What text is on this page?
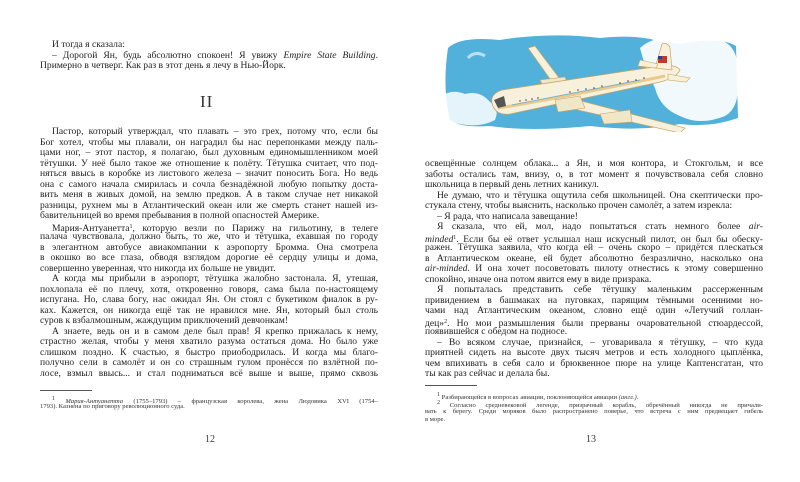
И тогда я сказала:
– Дорогой Ян, будь абсолютно спокоен! Я увижу Empire State Building.
Примерно в четверг. Как раз в этот день я лечу в Нью-Йорк.
II
Пастор, который утверждал, что плавать – это грех, потому что, если бы
Бог хотел, чтобы мы плавали, он наградил бы нас перепонками между паль-
цами ног, – этот пастор, я полагаю, был духовным единомышленником моей
тётушки. У неё было такое же отношение к полёту. Тётушка считает, что под-
няться ввысь в коробке из листового железа – значит поносить Бога. Но ведь
она с самого начала смирилась и сочла безнадёжной любую попытку доста-
вить меня в живых домой, на землю предков. А в таком случае нет никакой
разницы, рухнем мы в Атлантический океан или же смерть станет нашей из-
бавительницей во время пребывания в полной опасностей Америке.
Мария-Антуанетта$^1$, которую везли по Парижу на гильотину, в телеге
палача чувствовала, должно быть, то же, что и тётушка, ехавшая по городу
в элегантном автобусе авиакомпании к аэропорту Бромма. Она смотрела
в окошко во все глаза, обводя взглядом дорогие её сердцу улицы и дома,
совершенно уверенная, что никогда их больше не увидит.
А когда мы прибыли в аэропорт, тётушка жалобно застонала. Я, утешая,
похлопала её по плечу, хотя, откровенно говоря, сама была по-настоящему
испугана. Но, слава богу, нас ожидал Ян. Он стоял с букетиком фиалок в ру-
ках. Кажется, он никогда ещё так не нравился мне. Ян, который был столь
суров к взбалмошным, жаждущим приключений девчонкам!
А знаете, ведь он и в самом деле был прав! Я крепко прижалась к нему,
страстно желая, чтобы у меня хватило разума остаться дома. Но было уже
слишком поздно. К счастью, я быстро приободрилась. И когда мы благо-
получно сели в самолёт и он со страшным гулом пронёсся по взлётной по-
лосе, взмыл ввысь... и стал подниматься всё выше и выше, прямо сквозь
1 Мария-Антуанетта (1755–1793) – французская королева, жена Людовика XVI (1754–
1793). Казнена по приговору революционного суда.
12
освещённые солнцем облака... а Ян, и моя контора, и Стокгольм, и все
заботы остались там, внизу, о, в тот момент я почувствовала себя словно
школьница в первый день летних каникул.
Не думаю, что и тётушка ощутила себя школьницей. Она скептически про-
стукала стену, чтобы выяснить, насколько прочен самолёт, а затем изрекла:
– Я рада, что написала завещание!
Я сказала, что ей, мол, надо попытаться стать немного более air-
minded$^1$. Если бы её ответ услышал наш искусный пилот, он был бы обеску-
ражен. Тётушка заявила, что когда ей – очень скоро – придётся плескаться
в Атлантическом океане, ей будет абсолютно безразлично, насколько она
air-minded. И она хочет посоветовать пилоту отнестись к этому совершенно
спокойно, иначе она потом явится ему в виде призрака.
Я попыталась представить себе тётушку маленьким рассерженным
привидением в башмаках на пуговках, парящим тёмными осенними но-
чами над Атлантическим океаном, словно ещё один «Летучий голлан-
дец»$^2$. Но мои размышления были прерваны очаровательной стюардессой,
появившейся с обедом на подносе.
– Во всяком случае, признайся, – уговаривала я тётушку, – что куда
приятней сидеть на высоте двух тысяч метров и есть холодного цыплёнка,
чем впихивать в себя сало и брюквенное пюре на улице Каптенсгатан, что
ты как раз сейчас и делала бы.
1 Разбирающейся в вопросах авиации, поклоняющейся авиации (англ.).
2 Согласно средневековой легенде, призрачный корабль, обречённый никогда не причали-
вать к берегу. Среди моряков было распространено поверье, что встреча с ним предвещает гибель
в море.
13
